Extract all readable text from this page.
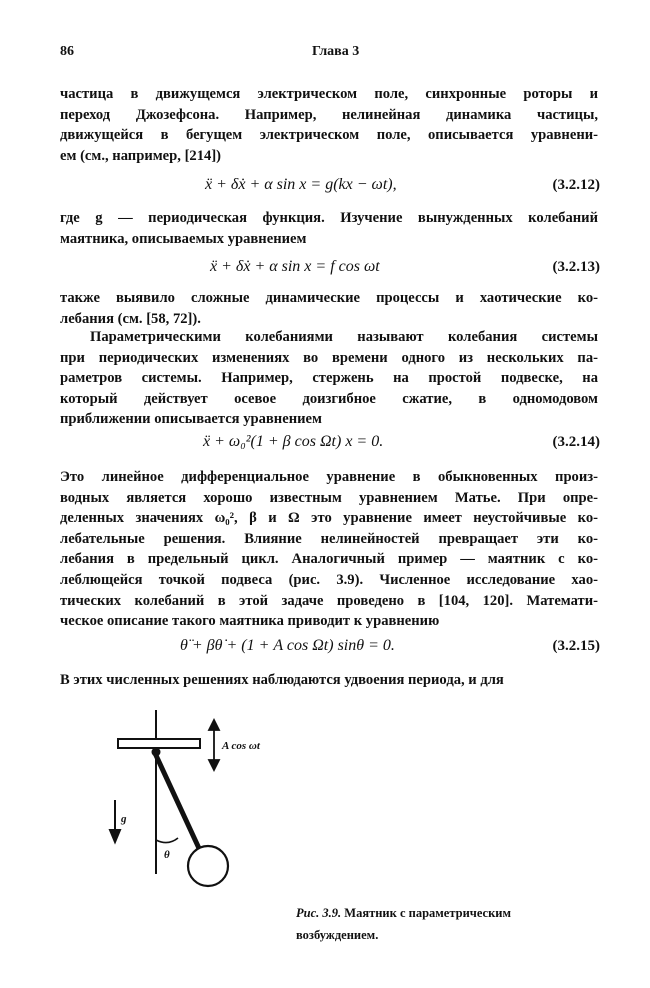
86	Глава 3
частица в движущемся электрическом поле, синхронные роторы и
переход Джозефсона. Например, нелинейная динамика частицы,
движущейся в бегущем электрическом поле, описывается уравнени-
ем (см., например, [214])
ẍ + δẋ + α sin x = g(kx − ωt),	(3.2.12)
где g — периодическая функция. Изучение вынужденных колебаний
маятника, описываемых уравнением
ẍ + δẋ + α sin x = f cos ωt	(3.2.13)
также выявило сложные динамические процессы и хаотические ко-
лебания (см. [58, 72]).
Параметрическими колебаниями называют колебания системы
при периодических изменениях во времени одного из нескольких па-
раметров системы. Например, стержень на простой подвеске, на
который действует осевое доизгибное сжатие, в одномодовом
приближении описывается уравнением
ẍ + ω₀²(1 + β cos Ωt) x = 0.	(3.2.14)
Это линейное дифференциальное уравнение в обыкновенных произ-
водных является хорошо известным уравнением Матье. При опре-
деленных значениях ω₀², β и Ω это уравнение имеет неустойчивые ко-
лебательные решения. Влияние нелинейностей превращает эти ко-
лебания в предельный цикл. Аналогичный пример — маятник с ко-
леблющейся точкой подвеса (рис. 3.9). Численное исследование хао-
тических колебаний в этой задаче проведено в [104, 120]. Математи-
ческое описание такого маятника приводит к уравнению
θ̈ + βθ̇ + (1 + A cos Ωt) sinθ = 0.	(3.2.15)
В этих численных решениях наблюдаются удвоения периода, и для
A cos ωt
g
θ
Рис. 3.9. Маятник с параметрическим
возбуждением.
